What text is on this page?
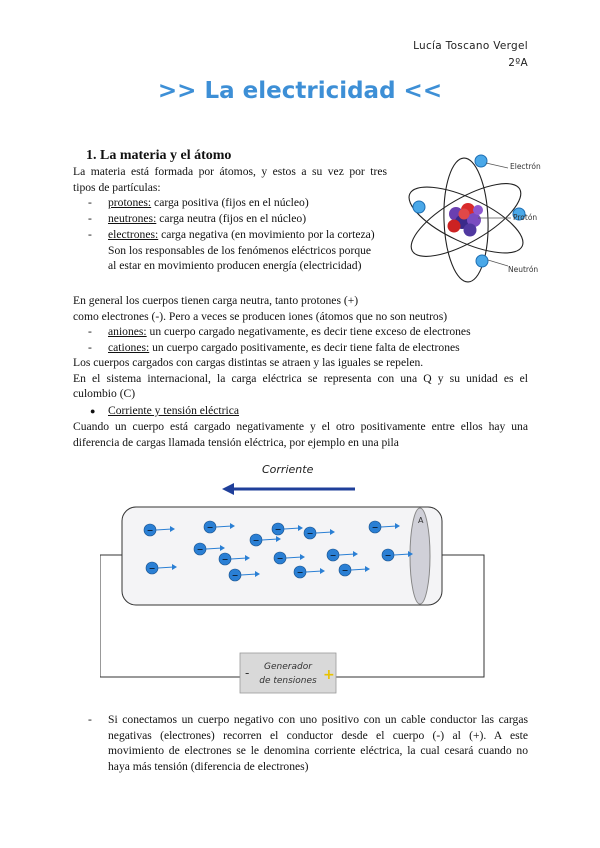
Lucía Toscano Vergel
2ºA
>> La electricidad <<
1. La materia y el átomo
La materia está formada por átomos, y estos a su vez por tres
tipos de partículas:
- protones: carga positiva (fijos en el núcleo)
- neutrones: carga neutra (fijos en el núcleo)
- electrones: carga negativa (en movimiento por la corteza)
Son los responsables de los fenómenos eléctricos porque
al estar en movimiento producen energía (electricidad)
Electrón
Protón
Neutrón
En general los cuerpos tienen carga neutra, tanto protones (+)
como electrones (-). Pero a veces se producen iones (átomos que no son neutros)
- aniones: un cuerpo cargado negativamente, es decir tiene exceso de electrones
- cationes: un cuerpo cargado positivamente, es decir tiene falta de electrones
Los cuerpos cargados con cargas distintas se atraen y las iguales se repelen.
En el sistema internacional, la carga eléctrica se representa con una Q y su unidad es el
culombio (C)
● Corriente y tensión eléctrica
Cuando un cuerpo está cargado negativamente y el otro positivamente entre ellos hay una
diferencia de cargas llamada tensión eléctrica, por ejemplo en una pila
Corriente
A
−	−	−	−
−
−
−
−
−	−	−
−	−	−
−
Generador
de tensiones
-	+
- Si conectamos un cuerpo negativo con uno positivo con un cable conductor las cargas
negativas (electrones) recorren el conductor desde el cuerpo (-) al (+). A este
movimiento de electrones se le denomina corriente eléctrica, la cual cesará cuando no
haya más tensión (diferencia de electrones)
